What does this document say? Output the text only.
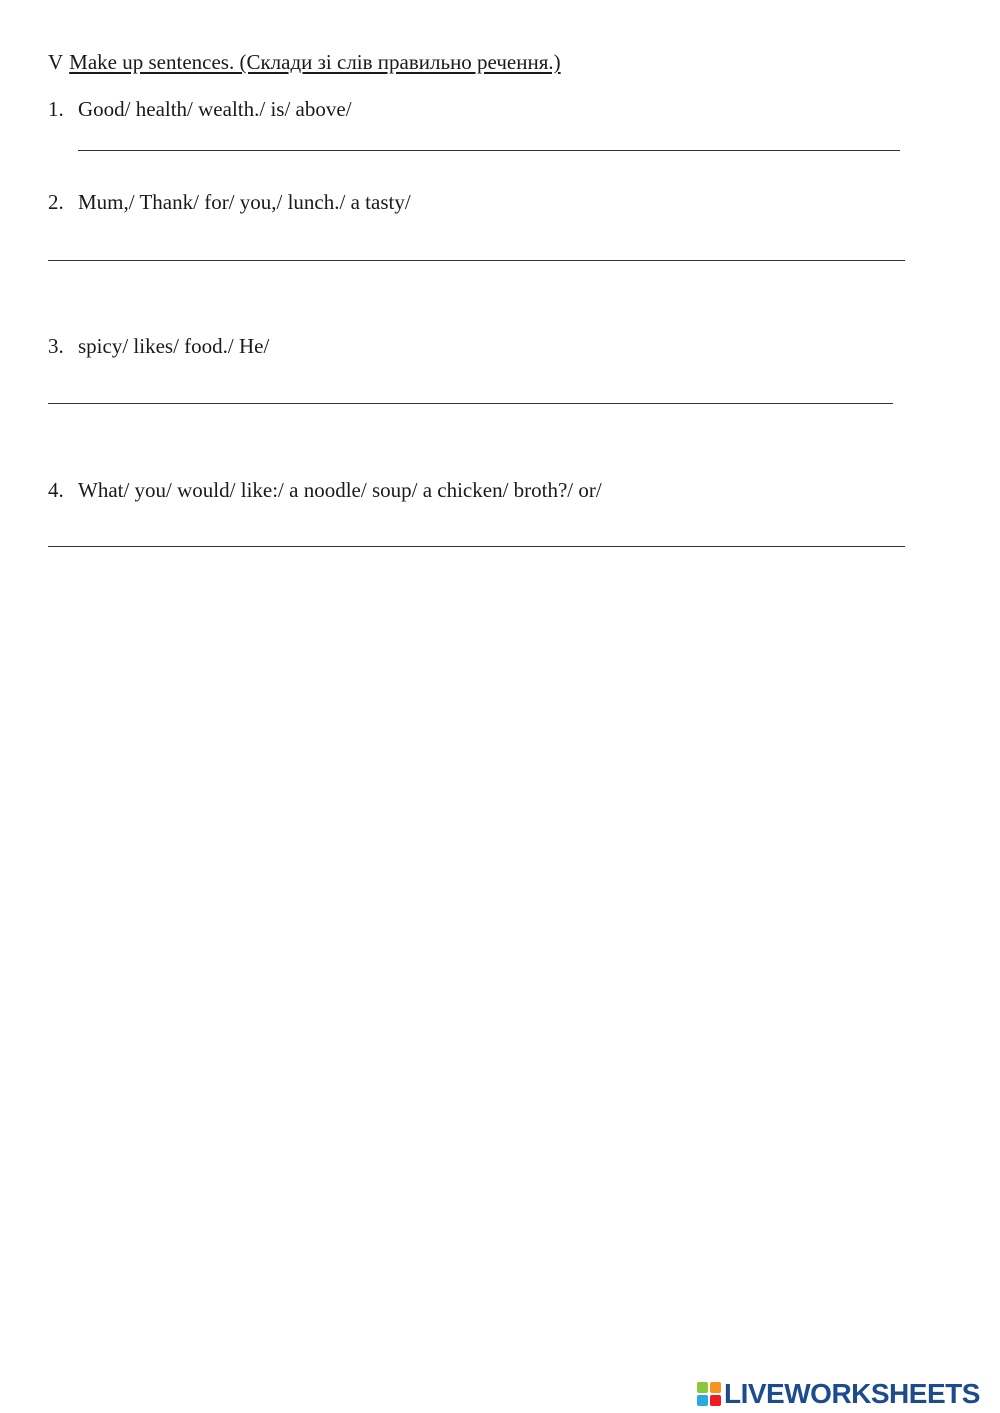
V Make up sentences. (Склади зі слів правильно речення.)
1. Good/ health/ wealth./ is/ above/
2. Mum,/ Thank/ for/ you,/ lunch./ a tasty/
3. spicy/ likes/ food./ He/
4. What/ you/ would/ like:/ a noodle/ soup/ a chicken/ broth?/ or/
LIVEWORKSHEETS
